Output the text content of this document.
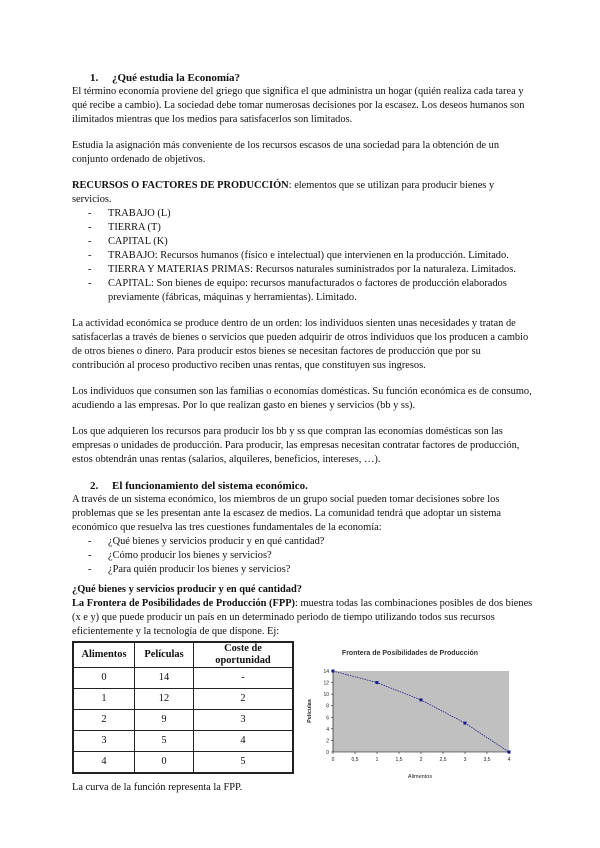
1. ¿Qué estudia la Economía?

El término economía proviene del griego que significa el que administra un hogar (quién realiza cada tarea y qué recibe a cambio). La sociedad debe tomar numerosas decisiones por la escasez. Los deseos humanos son ilimitados mientras que los medios para satisfacerlos son limitados.

Estudia la asignación más conveniente de los recursos escasos de una sociedad para la obtención de un conjunto ordenado de objetivos.

RECURSOS O FACTORES DE PRODUCCIÓN: elementos que se utilizan para producir bienes y servicios.

- TRABAJO (L)
- TIERRA (T)
- CAPITAL (K)
- TRABAJO: Recursos humanos (físico e intelectual) que intervienen en la producción. Limitado.
- TIERRA Y MATERIAS PRIMAS: Recursos naturales suministrados por la naturaleza. Limitados.
- CAPITAL: Son bienes de equipo: recursos manufacturados o factores de producción elaborados previamente (fábricas, máquinas y herramientas). Limitado.

La actividad económica se produce dentro de un orden: los individuos sienten unas necesidades y tratan de satisfacerlas a través de bienes o servicios que pueden adquirir de otros individuos que los producen a cambio de otros bienes o dinero. Para producir estos bienes se necesitan factores de producción que por su contribución al proceso productivo reciben unas rentas, que constituyen sus ingresos.

Los individuos que consumen son las familias o economías domésticas. Su función económica es de consumo, acudiendo a las empresas. Por lo que realizan gasto en bienes y servicios (bb y ss).

Los que adquieren los recursos para producir los bb y ss que compran las economías domésticas son las empresas o unidades de producción. Para producir, las empresas necesitan contratar factores de producción, estos obtendrán unas rentas (salarios, alquileres, beneficios, intereses, …).

2. El funcionamiento del sistema económico.

A través de un sistema económico, los miembros de un grupo social pueden tomar decisiones sobre los problemas que se les presentan ante la escasez de medios. La comunidad tendrá que adoptar un sistema económico que resuelva las tres cuestiones fundamentales de la economía:

- ¿Qué bienes y servicios producir y en qué cantidad?
- ¿Cómo producir los bienes y servicios?
- ¿Para quién producir los bienes y servicios?

¿Qué bienes y servicios producir y en qué cantidad?

La Frontera de Posibilidades de Producción (FPP): muestra todas las combinaciones posibles de dos bienes (x e y) que puede producir un país en un determinado periodo de tiempo utilizando todos sus recursos eficientemente y la tecnología de que dispone. Ej:

Alimentos	Películas	Coste de oportunidad
0	14	-
1	12	2
2	9	3
3	5	4
4	0	5
Frontera de Posibilidades de Producción
0
2
4
6
8
10
12
14
0	0,5	1	1,5	2	2,5	3	3,5	4
Alimentos
Películas

La curva de la función representa la FPP.
